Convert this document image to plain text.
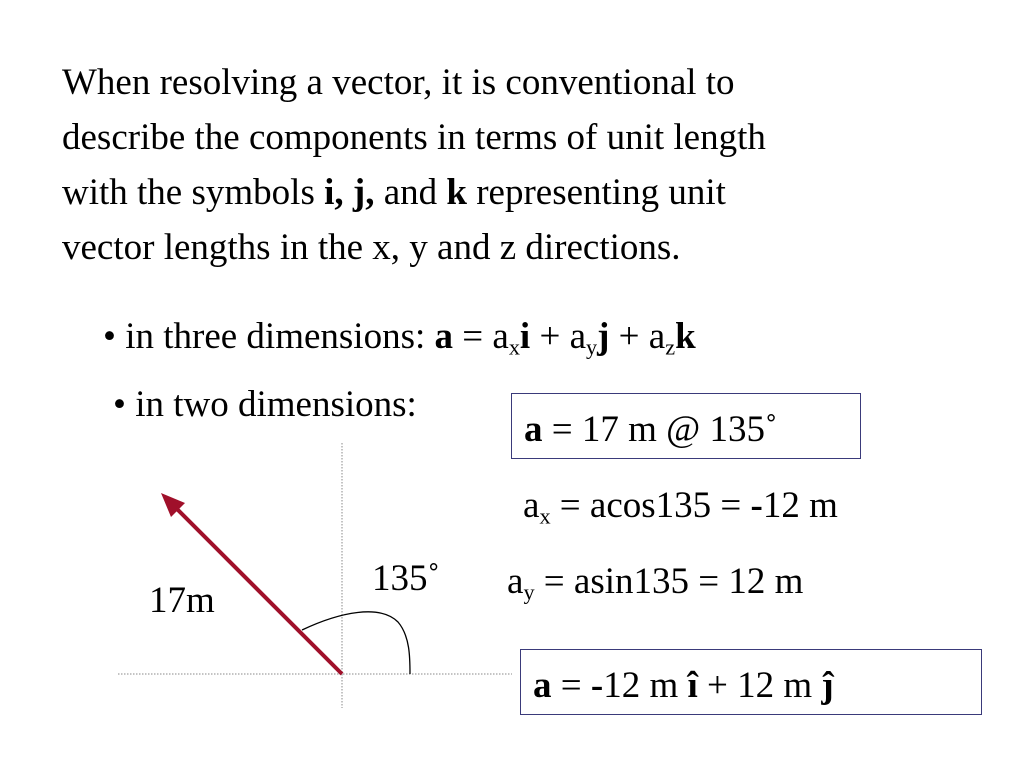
When resolving a vector, it is conventional to
describe the components in terms of unit length
with the symbols i, j, and k representing unit
vector lengths in the x, y and z directions.
• in three dimensions: $a = a_xi + a_yj + a_zk$
• in two dimensions:
a = 17 m @ 135˚
$a_x = acos135 = -12$ m
$a_y = asin135 = 12$ m
135˚
17m
a = -12 m î + 12 m ĵ
